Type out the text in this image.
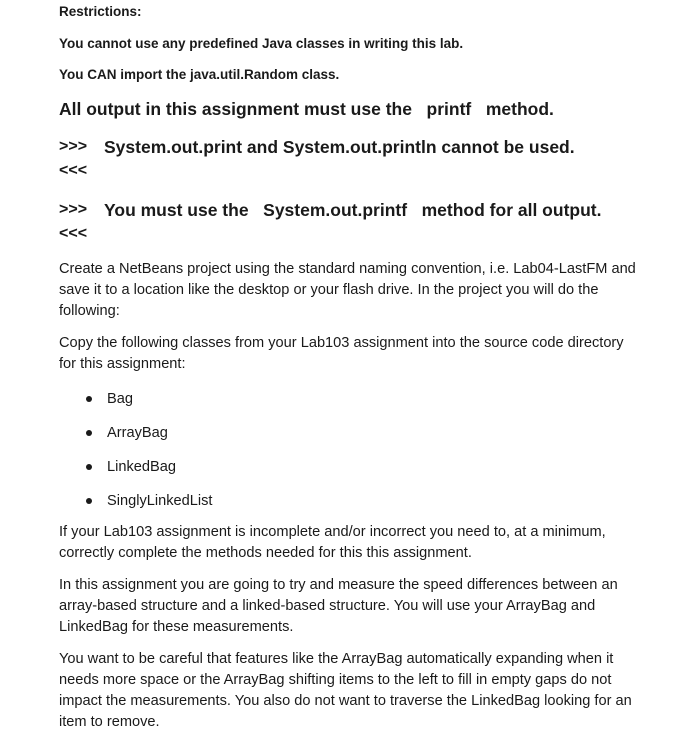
Restrictions:

You cannot use any predefined Java classes in writing this lab.

You CAN import the java.util.Random class.

All output in this assignment must use the   printf   method.

>>> System.out.print and System.out.println cannot be used.
<<<
>>> You must use the   System.out.printf   method for all output.
<<<

Create a NetBeans project using the standard naming convention, i.e. Lab04-LastFM and save it to a location like the desktop or your flash drive. In the project you will do the following:

Copy the following classes from your Lab103 assignment into the source code directory for this assignment:

Bag
ArrayBag
LinkedBag
SinglyLinkedList

If your Lab103 assignment is incomplete and/or incorrect you need to, at a minimum, correctly complete the methods needed for this this assignment.

In this assignment you are going to try and measure the speed differences between an array-based structure and a linked-based structure. You will use your ArrayBag and LinkedBag for these measurements.

You want to be careful that features like the ArrayBag automatically expanding when it needs more space or the ArrayBag shifting items to the left to fill in empty gaps do not impact the measurements. You also do not want to traverse the LinkedBag looking for an item to remove.
